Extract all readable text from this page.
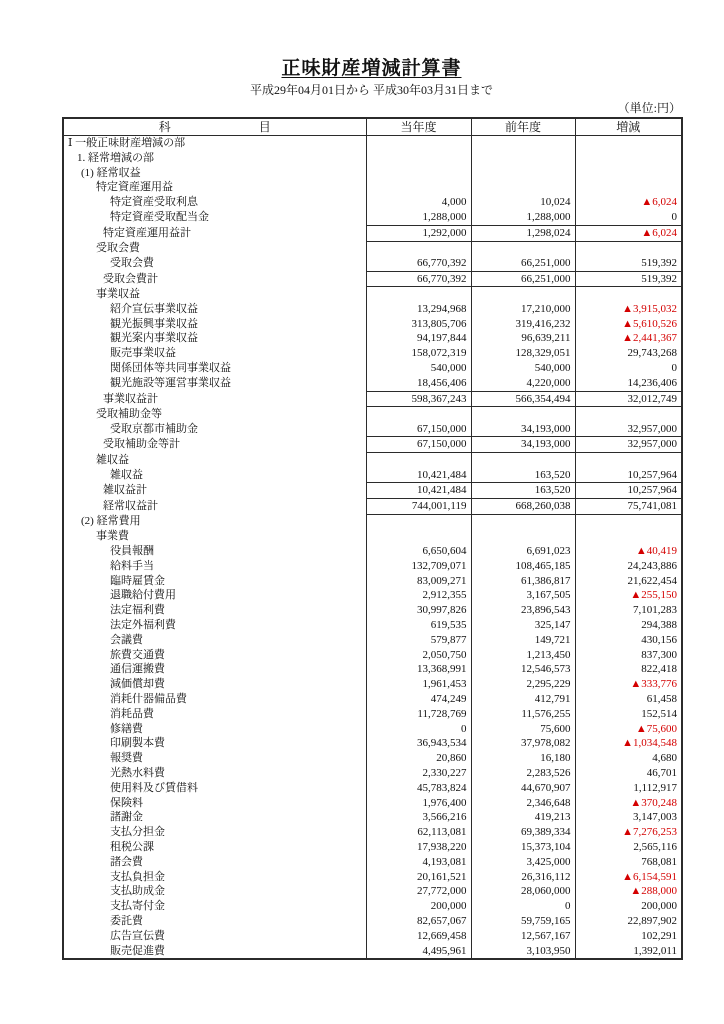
正味財産増減計算書
平成29年04月01日から 平成30年03月31日まで
（単位:円）
科 目	当年度	前年度	増減
Ⅰ 一般正味財産増減の部			
1. 経常増減の部			
(1) 経常収益			
特定資産運用益			
特定資産受取利息	4,000	10,024	▲6,024
特定資産受取配当金	1,288,000	1,288,000	0
特定資産運用益計	1,292,000	1,298,024	▲6,024
受取会費			
受取会費	66,770,392	66,251,000	519,392
受取会費計	66,770,392	66,251,000	519,392
事業収益			
紹介宣伝事業収益	13,294,968	17,210,000	▲3,915,032
観光振興事業収益	313,805,706	319,416,232	▲5,610,526
観光案内事業収益	94,197,844	96,639,211	▲2,441,367
販売事業収益	158,072,319	128,329,051	29,743,268
関係団体等共同事業収益	540,000	540,000	0
観光施設等運営事業収益	18,456,406	4,220,000	14,236,406
事業収益計	598,367,243	566,354,494	32,012,749
受取補助金等			
受取京都市補助金	67,150,000	34,193,000	32,957,000
受取補助金等計	67,150,000	34,193,000	32,957,000
雑収益			
雑収益	10,421,484	163,520	10,257,964
雑収益計	10,421,484	163,520	10,257,964
経常収益計	744,001,119	668,260,038	75,741,081
(2) 経常費用			
事業費			
役員報酬	6,650,604	6,691,023	▲40,419
給料手当	132,709,071	108,465,185	24,243,886
臨時雇賃金	83,009,271	61,386,817	21,622,454
退職給付費用	2,912,355	3,167,505	▲255,150
法定福利費	30,997,826	23,896,543	7,101,283
法定外福利費	619,535	325,147	294,388
会議費	579,877	149,721	430,156
旅費交通費	2,050,750	1,213,450	837,300
通信運搬費	13,368,991	12,546,573	822,418
減価償却費	1,961,453	2,295,229	▲333,776
消耗什器備品費	474,249	412,791	61,458
消耗品費	11,728,769	11,576,255	152,514
修繕費	0	75,600	▲75,600
印刷製本費	36,943,534	37,978,082	▲1,034,548
報奨費	20,860	16,180	4,680
光熱水料費	2,330,227	2,283,526	46,701
使用料及び賃借料	45,783,824	44,670,907	1,112,917
保険料	1,976,400	2,346,648	▲370,248
諸謝金	3,566,216	419,213	3,147,003
支払分担金	62,113,081	69,389,334	▲7,276,253
租税公課	17,938,220	15,373,104	2,565,116
諸会費	4,193,081	3,425,000	768,081
支払負担金	20,161,521	26,316,112	▲6,154,591
支払助成金	27,772,000	28,060,000	▲288,000
支払寄付金	200,000	0	200,000
委託費	82,657,067	59,759,165	22,897,902
広告宣伝費	12,669,458	12,567,167	102,291
販売促進費	4,495,961	3,103,950	1,392,011
